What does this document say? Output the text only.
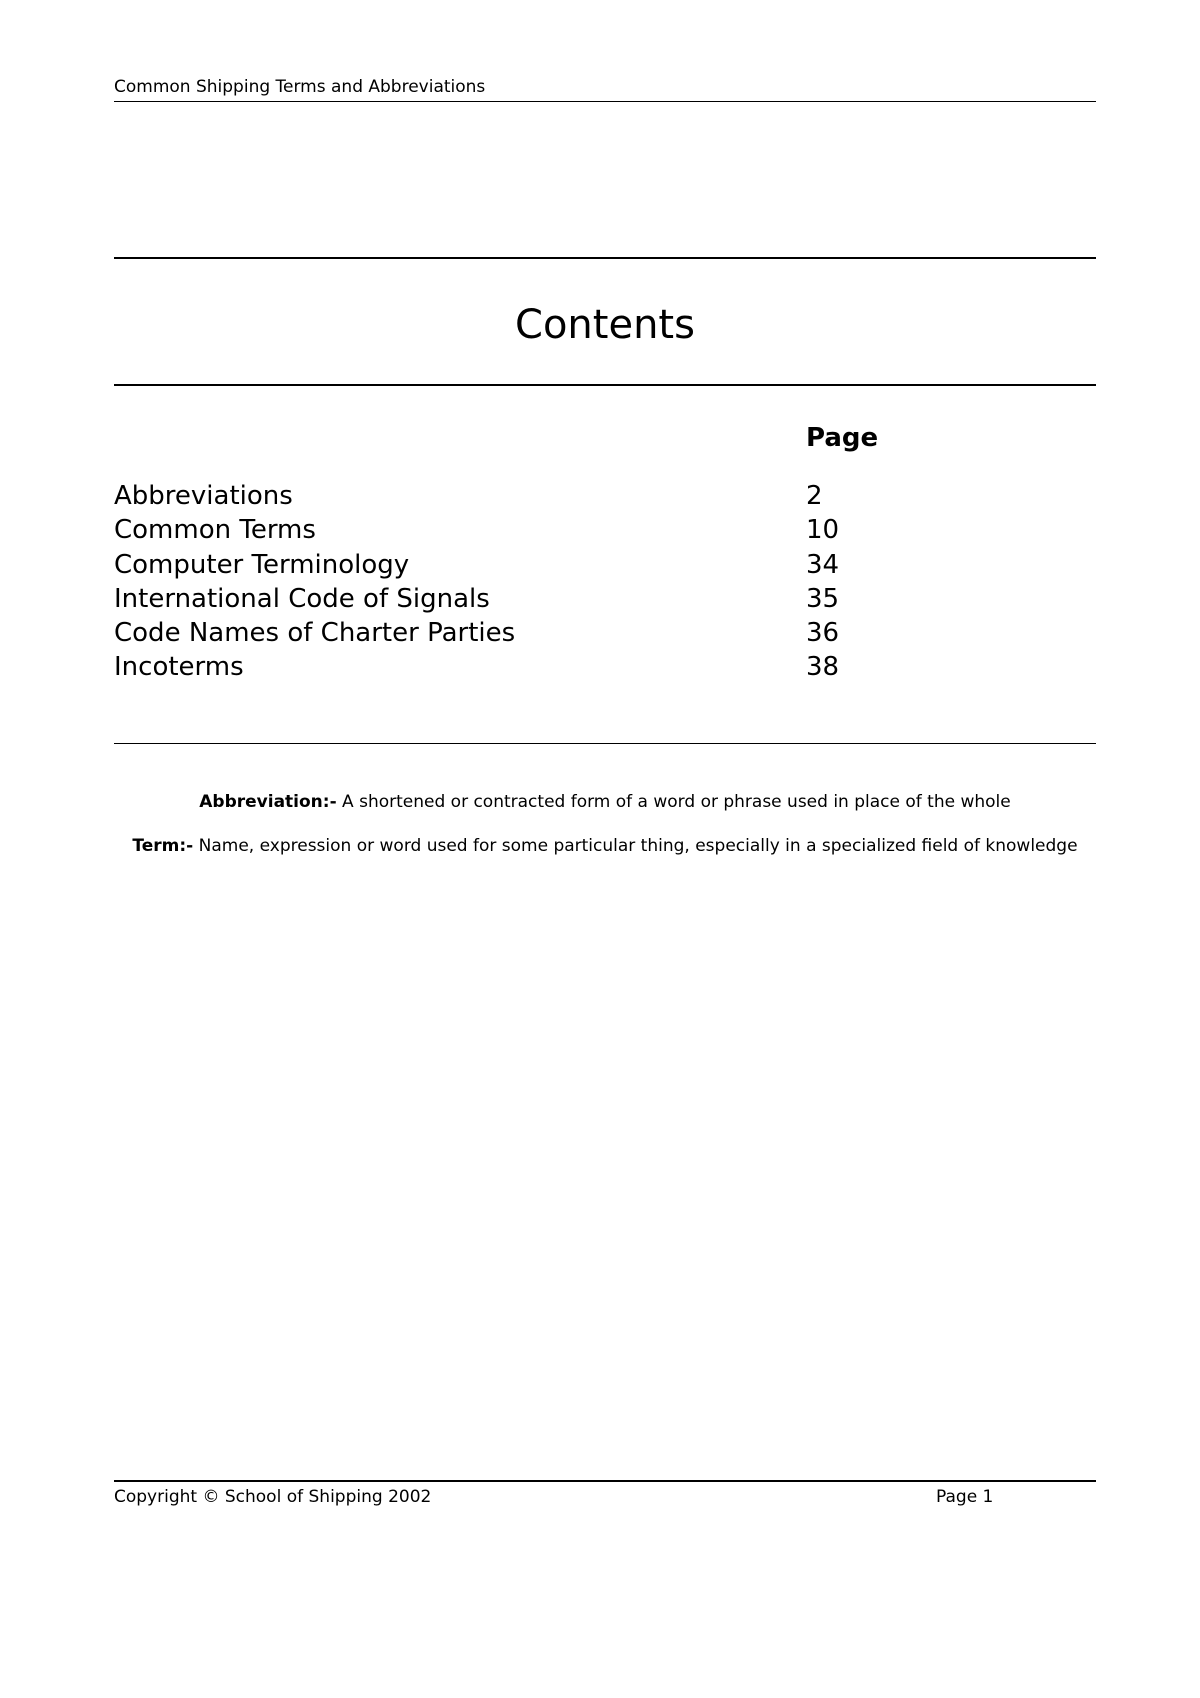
Common Shipping Terms and Abbreviations
Contents
Page
Abbreviations	2
Common Terms	10
Computer Terminology	34
International Code of Signals	35
Code Names of Charter Parties	36
Incoterms	38
Abbreviation:- A shortened or contracted form of a word or phrase used in place of the whole
Term:- Name, expression or word used for some particular thing, especially in a specialized field of knowledge
Copyright © School of Shipping 2002	Page 1
